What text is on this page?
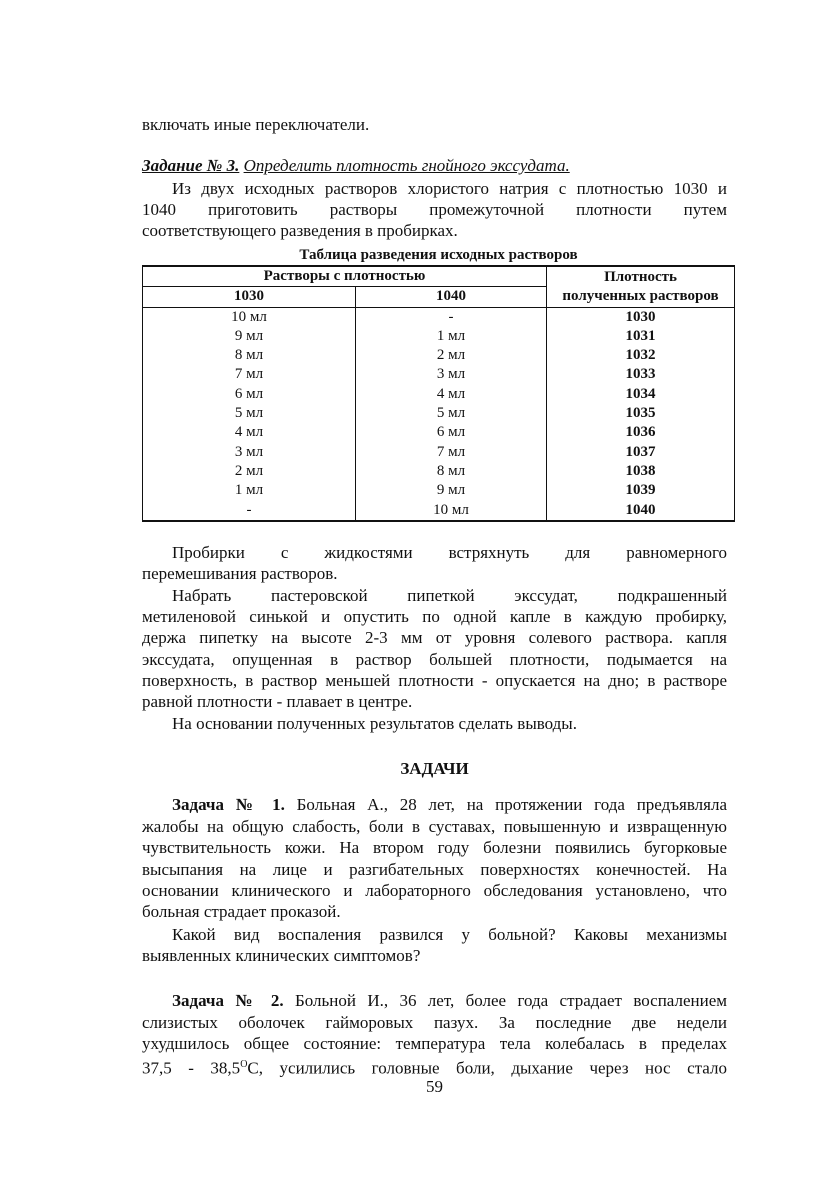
включать иные переключатели.
Задание № 3. Определить плотность гнойного экссудата.
Из двух исходных растворов хлористого натрия с плотностью 1030 и
1040 приготовить растворы промежуточной плотности путем
соответствующего разведения в пробирках.
Таблица разведения исходных растворов
Растворы с плотностью		Плотность
полученных растворов

1030	1040	
10 мл	-	1030
9 мл	1 мл	1031
8 мл	2 мл	1032
7 мл	3 мл	1033
6 мл	4 мл	1034
5 мл	5 мл	1035
4 мл	6 мл	1036
3 мл	7 мл	1037
2 мл	8 мл	1038
1 мл	9 мл	1039
-	10 мл	1040
Пробирки с жидкостями встряхнуть для равномерного
перемешивания растворов.
Набрать пастеровской пипеткой экссудат, подкрашенный
метиленовой синькой и опустить по одной капле в каждую пробирку,
держа пипетку на высоте 2-3 мм от уровня солевого раствора. капля
экссудата, опущенная в раствор большей плотности, подымается на
поверхность, в раствор меньшей плотности - опускается на дно; в растворе
равной плотности - плавает в центре.
На основании полученных результатов сделать выводы.
ЗАДАЧИ
Задача № 1. Больная А., 28 лет, на протяжении года предъявляла
жалобы на общую слабость, боли в суставах, повышенную и извращенную
чувствительность кожи. На втором году болезни появились бугорковые
высыпания на лице и разгибательных поверхностях конечностей. На
основании клинического и лабораторного обследования установлено, что
больная страдает проказой.
Какой вид воспаления развился у больной? Каковы механизмы
выявленных клинических симптомов?
Задача № 2. Больной И., 36 лет, более года страдает воспалением
слизистых оболочек гайморовых пазух. За последние две недели
ухудшилось общее состояние: температура тела колебалась в пределах
$37,5 - 38,5^OС$, усилились головные боли, дыхание через нос стало
59
